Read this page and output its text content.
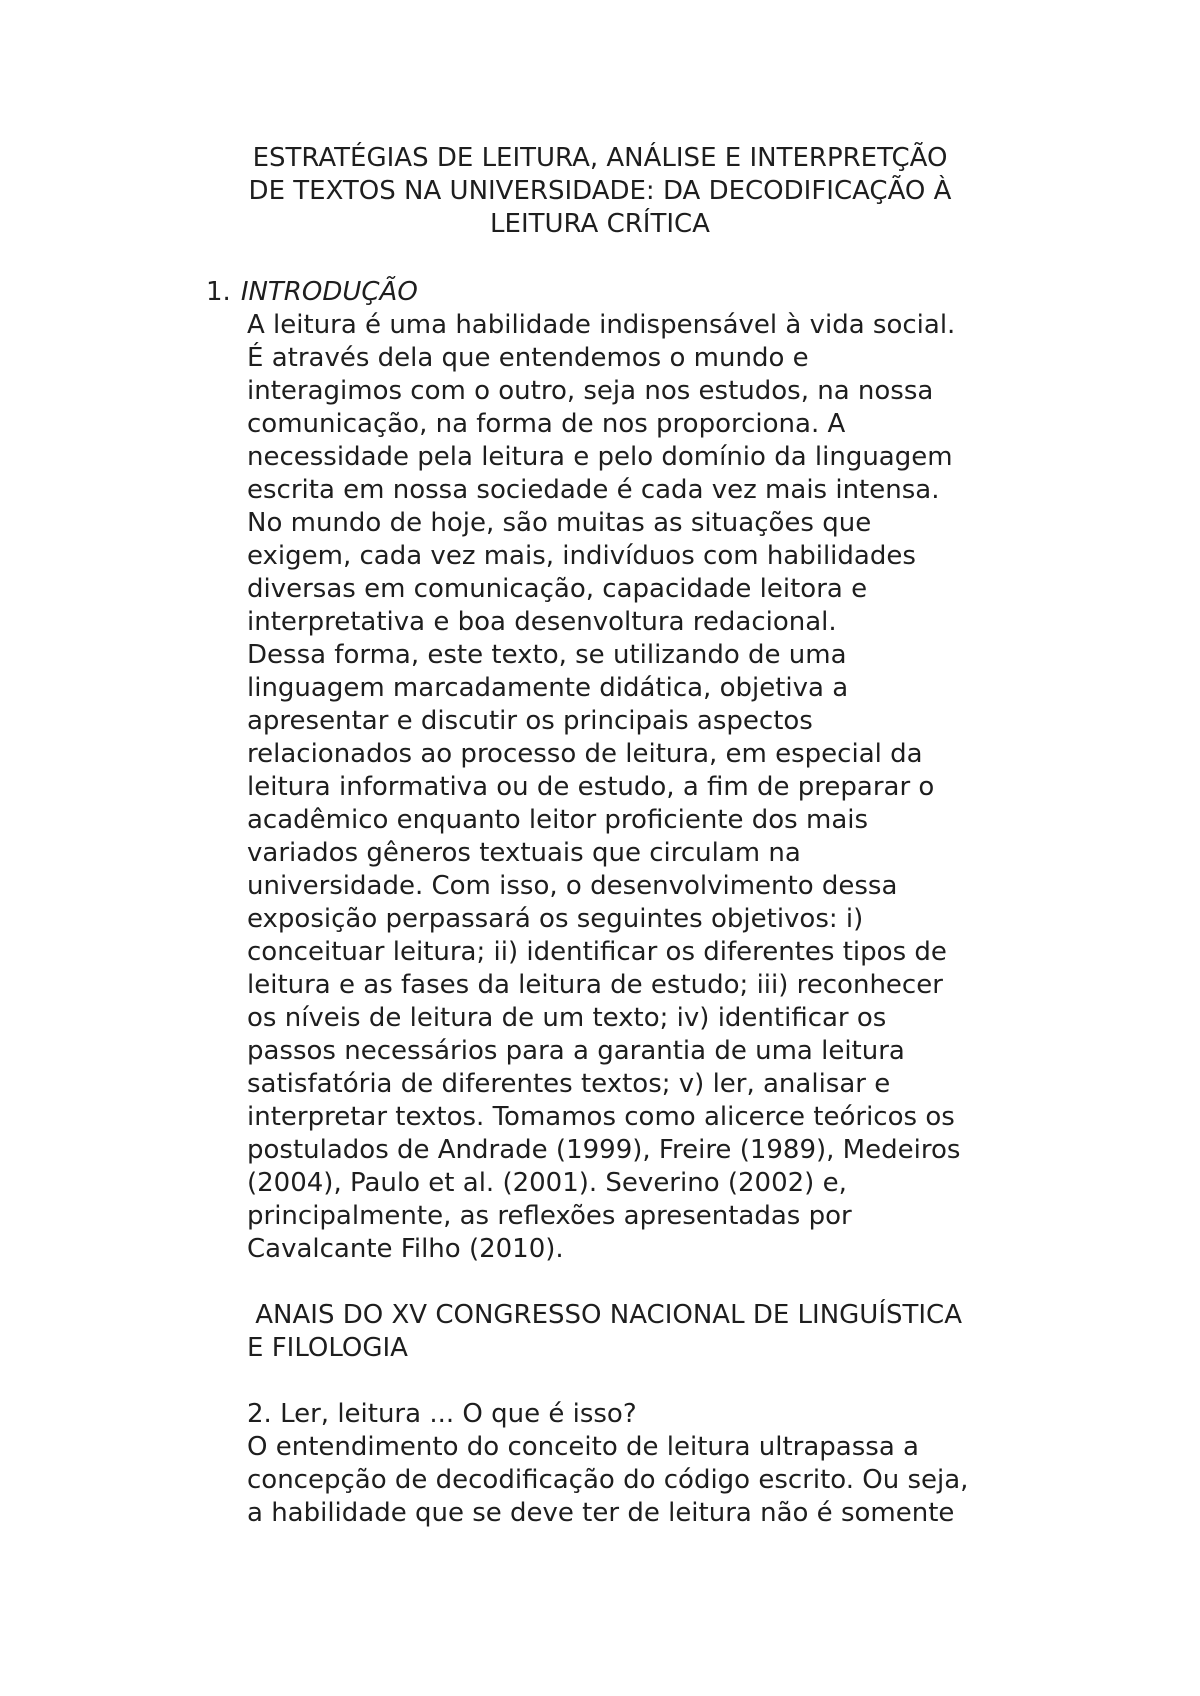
ESTRATÉGIAS DE LEITURA, ANÁLISE E INTERPRETÇÃO
DE TEXTOS NA UNIVERSIDADE: DA DECODIFICAÇÃO À
LEITURA CRÍTICA
1. INTRODUÇÃO

A leitura é uma habilidade indispensável à vida social.
É através dela que entendemos o mundo e
interagimos com o outro, seja nos estudos, na nossa
comunicação, na forma de nos proporciona. A
necessidade pela leitura e pelo domínio da linguagem
escrita em nossa sociedade é cada vez mais intensa.
No mundo de hoje, são muitas as situações que
exigem, cada vez mais, indivíduos com habilidades
diversas em comunicação, capacidade leitora e
interpretativa e boa desenvoltura redacional.

Dessa forma, este texto, se utilizando de uma
linguagem marcadamente didática, objetiva a
apresentar e discutir os principais aspectos
relacionados ao processo de leitura, em especial da
leitura informativa ou de estudo, a fim de preparar o
acadêmico enquanto leitor proficiente dos mais
variados gêneros textuais que circulam na
universidade. Com isso, o desenvolvimento dessa
exposição perpassará os seguintes objetivos: i)
conceituar leitura; ii) identificar os diferentes tipos de
leitura e as fases da leitura de estudo; iii) reconhecer
os níveis de leitura de um texto; iv) identificar os
passos necessários para a garantia de uma leitura
satisfatória de diferentes textos; v) ler, analisar e
interpretar textos. Tomamos como alicerce teóricos os
postulados de Andrade (1999), Freire (1989), Medeiros
(2004), Paulo et al. (2001). Severino (2002) e,
principalmente, as reflexões apresentadas por
Cavalcante Filho (2010).

ANAIS DO XV CONGRESSO NACIONAL DE LINGUÍSTICA
E FILOLOGIA

2. Ler, leitura ... O que é isso?

O entendimento do conceito de leitura ultrapassa a
concepção de decodificação do código escrito. Ou seja,
a habilidade que se deve ter de leitura não é somente
